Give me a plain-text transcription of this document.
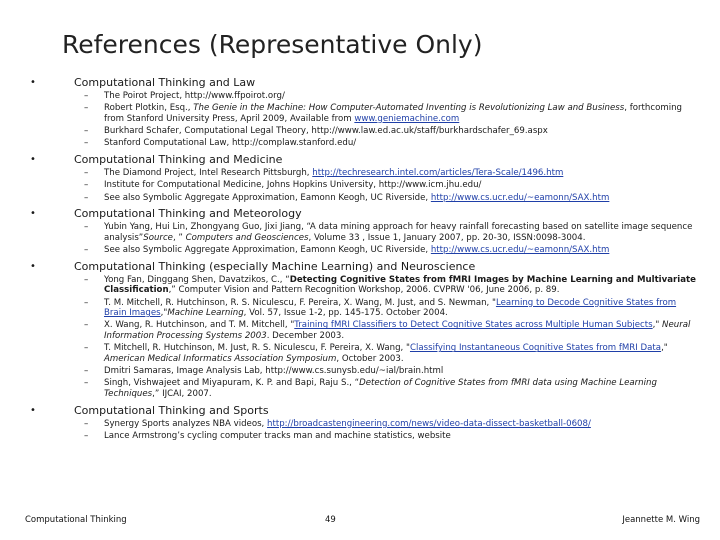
References (Representative Only)
•	Computational Thinking and Law
– The Poirot Project, http://www.ffpoirot.org/
– Robert Plotkin, Esq., The Genie in the Machine: How Computer-Automated Inventing is Revolutionizing Law and Business, forthcoming from Stanford University Press, April 2009, Available from www.geniemachine.com
– Burkhard Schafer, Computational Legal Theory, http://www.law.ed.ac.uk/staff/burkhardschafer_69.aspx
– Stanford Computational Law, http://complaw.stanford.edu/
•	Computational Thinking and Medicine
– The Diamond Project, Intel Research Pittsburgh, http://techresearch.intel.com/articles/Tera-Scale/1496.htm
– Institute for Computational Medicine, Johns Hopkins University, http://www.icm.jhu.edu/
– See also Symbolic Aggregate Approximation, Eamonn Keogh, UC Riverside, http://www.cs.ucr.edu/~eamonn/SAX.htm
•	Computational Thinking and Meteorology
– Yubin Yang, Hui Lin, Zhongyang Guo, Jixi Jiang, “A data mining approach for heavy rainfall forecasting based on satellite image sequence analysis”Source, ” Computers and Geosciences, Volume 33 , Issue 1, January 2007, pp. 20-30, ISSN:0098-3004.
– See also Symbolic Aggregate Approximation, Eamonn Keogh, UC Riverside, http://www.cs.ucr.edu/~eamonn/SAX.htm
•	Computational Thinking (especially Machine Learning) and Neuroscience
– Yong Fan, Dinggang Shen, Davatzikos, C., “Detecting Cognitive States from fMRI Images by Machine Learning and Multivariate Classification,” Computer Vision and Pattern Recognition Workshop, 2006. CVPRW '06, June 2006, p. 89.
– T. M. Mitchell, R. Hutchinson, R. S. Niculescu, F. Pereira, X. Wang, M. Just, and S. Newman, "Learning to Decode Cognitive States from Brain Images,"Machine Learning, Vol. 57, Issue 1-2, pp. 145-175. October 2004.
– X. Wang, R. Hutchinson, and T. M. Mitchell, "Training fMRI Classifiers to Detect Cognitive States across Multiple Human Subjects," Neural Information Processing Systems 2003. December 2003.
– T. Mitchell, R. Hutchinson, M. Just, R. S. Niculescu, F. Pereira, X. Wang, "Classifying Instantaneous Cognitive States from fMRI Data," American Medical Informatics Association Symposium, October 2003.
– Dmitri Samaras, Image Analysis Lab, http://www.cs.sunysb.edu/~ial/brain.html
– Singh, Vishwajeet and Miyapuram, K. P. and Bapi, Raju S., “Detection of Cognitive States from fMRI data using Machine Learning Techniques,” IJCAI, 2007.
•	Computational Thinking and Sports
– Synergy Sports analyzes NBA videos, http://broadcastengineering.com/news/video-data-dissect-basketball-0608/
– Lance Armstrong’s cycling computer tracks man and machine statistics, website
Computational Thinking	49	Jeannette M. Wing
